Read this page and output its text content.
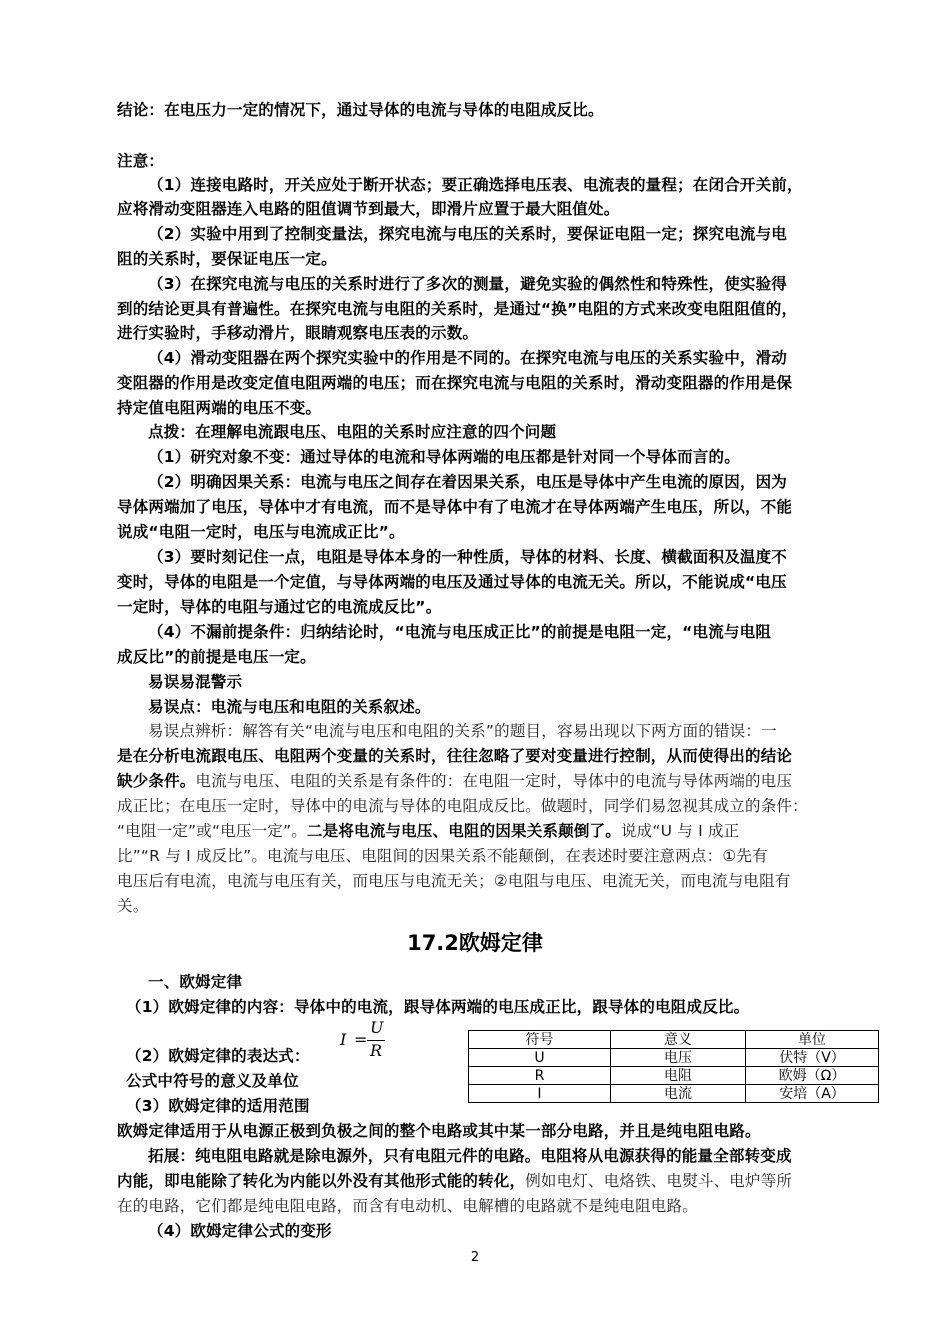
结论：在电压力一定的情况下，通过导体的电流与导体的电阻成反比。
注意：
（1）连接电路时，开关应处于断开状态；要正确选择电压表、电流表的量程；在闭合开关前，
应将滑动变阻器连入电路的阻值调节到最大，即滑片应置于最大阻值处。
（2）实验中用到了控制变量法，探究电流与电压的关系时，要保证电阻一定；探究电流与电
阻的关系时，要保证电压一定。
（3）在探究电流与电压的关系时进行了多次的测量，避免实验的偶然性和特殊性，使实验得
到的结论更具有普遍性。在探究电流与电阻的关系时，是通过“换”电阻的方式来改变电阻阻值的，
进行实验时，手移动滑片，眼睛观察电压表的示数。
（4）滑动变阻器在两个探究实验中的作用是不同的。在探究电流与电压的关系实验中，滑动
变阻器的作用是改变定值电阻两端的电压；而在探究电流与电阻的关系时，滑动变阻器的作用是保
持定值电阻两端的电压不变。
点拨：在理解电流跟电压、电阻的关系时应注意的四个问题
（1）研究对象不变：通过导体的电流和导体两端的电压都是针对同一个导体而言的。
（2）明确因果关系：电流与电压之间存在着因果关系，电压是导体中产生电流的原因，因为
导体两端加了电压，导体中才有电流，而不是导体中有了电流才在导体两端产生电压，所以，不能
说成“电阻一定时，电压与电流成正比”。
（3）要时刻记住一点，电阻是导体本身的一种性质，导体的材料、长度、横截面积及温度不
变时，导体的电阻是一个定值，与导体两端的电压及通过导体的电流无关。所以，不能说成“电压
一定时，导体的电阻与通过它的电流成反比”。
（4）不漏前提条件：归纳结论时，“电流与电压成正比”的前提是电阻一定，“电流与电阻
成反比”的前提是电压一定。
易误易混警示
易误点：电流与电压和电阻的关系叙述。
易误点辨析：解答有关“电流与电压和电阻的关系”的题目，容易出现以下两方面的错误：一
是在分析电流跟电压、电阻两个变量的关系时，往往忽略了要对变量进行控制，从而使得出的结论
缺少条件。电流与电压、电阻的关系是有条件的：在电阻一定时，导体中的电流与导体两端的电压
成正比；在电压一定时，导体中的电流与导体的电阻成反比。做题时，同学们易忽视其成立的条件：
“电阻一定”或“电压一定”。二是将电流与电压、电阻的因果关系颠倒了。说成“U 与 I 成正
比”“R 与 I 成反比”。电流与电压、电阻间的因果关系不能颠倒，在表述时要注意两点：①先有
电压后有电流，电流与电压有关，而电压与电流无关；②电阻与电压、电流无关，而电流与电阻有
关。
17.2欧姆定律
一、欧姆定律
（1）欧姆定律的内容：导体中的电流，跟导体两端的电压成正比，跟导体的电阻成反比。
（2）欧姆定律的表达式：
I =
U
R
公式中符号的意义及单位
（3）欧姆定律的适用范围
符号	意义	单位
U	电压	伏特（V）
R	电阻	欧姆（Ω）
I	电流	安培（A）
欧姆定律适用于从电源正极到负极之间的整个电路或其中某一部分电路，并且是纯电阻电路。
拓展：纯电阻电路就是除电源外，只有电阻元件的电路。电阻将从电源获得的能量全部转变成
内能，即电能除了转化为内能以外没有其他形式能的转化，例如电灯、电烙铁、电熨斗、电炉等所
在的电路，它们都是纯电阻电路，而含有电动机、电解槽的电路就不是纯电阻电路。
（4）欧姆定律公式的变形
2
